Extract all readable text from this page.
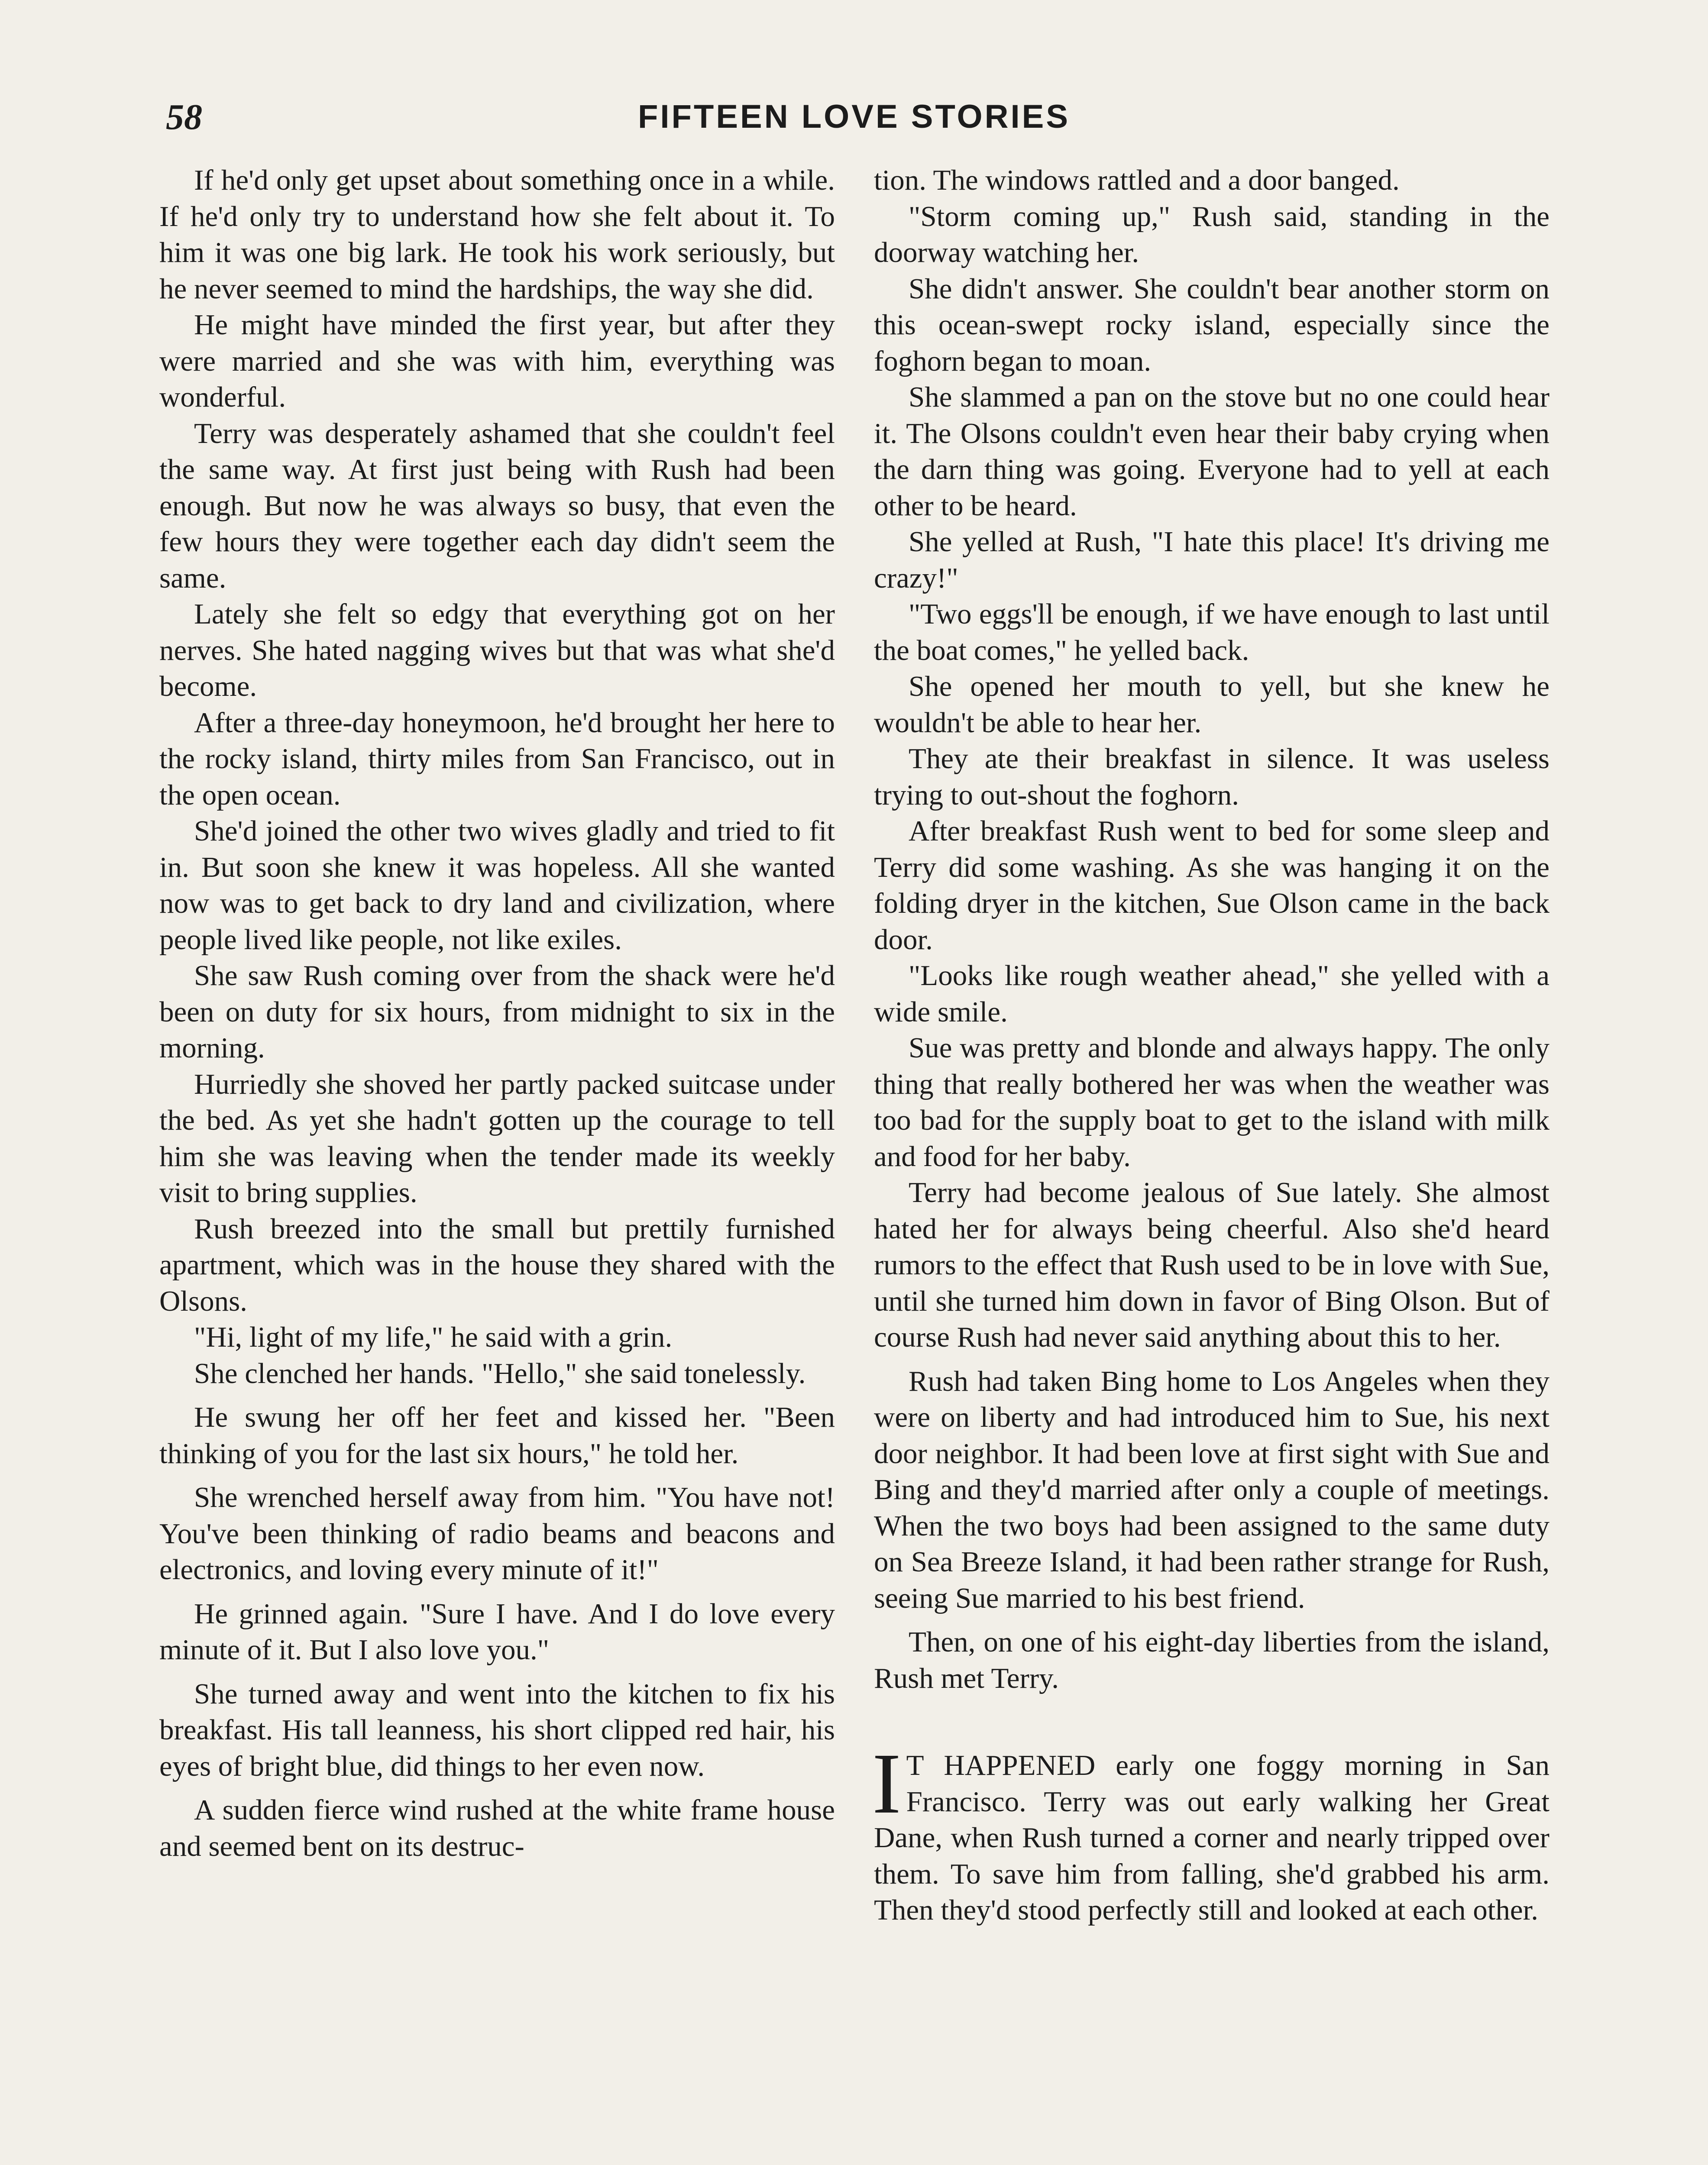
58	FIFTEEN LOVE STORIES

If he'd only get upset about something once in a while. If he'd only try to understand how she felt about it. To him it was one big lark. He took his work seriously, but he never seemed to mind the hardships, the way she did.

He might have minded the first year, but after they were married and she was with him, everything was wonderful.

Terry was desperately ashamed that she couldn't feel the same way. At first just being with Rush had been enough. But now he was always so busy, that even the few hours they were together each day didn't seem the same.

Lately she felt so edgy that everything got on her nerves. She hated nagging wives but that was what she'd become.

After a three-day honeymoon, he'd brought her here to the rocky island, thirty miles from San Francisco, out in the open ocean.

She'd joined the other two wives gladly and tried to fit in. But soon she knew it was hopeless. All she wanted now was to get back to dry land and civilization, where people lived like people, not like exiles.

She saw Rush coming over from the shack were he'd been on duty for six hours, from midnight to six in the morning.

Hurriedly she shoved her partly packed suitcase under the bed. As yet she hadn't gotten up the courage to tell him she was leaving when the tender made its weekly visit to bring supplies.

Rush breezed into the small but prettily furnished apartment, which was in the house they shared with the Olsons.

"Hi, light of my life," he said with a grin.

She clenched her hands. "Hello," she said tonelessly.

He swung her off her feet and kissed her. "Been thinking of you for the last six hours," he told her.

She wrenched herself away from him. "You have not! You've been thinking of radio beams and beacons and electronics, and loving every minute of it!"

He grinned again. "Sure I have. And I do love every minute of it. But I also love you."

She turned away and went into the kitchen to fix his breakfast. His tall leanness, his short clipped red hair, his eyes of bright blue, did things to her even now.

A sudden fierce wind rushed at the white frame house and seemed bent on its destruc-

tion. The windows rattled and a door banged.

"Storm coming up," Rush said, standing in the doorway watching her.

She didn't answer. She couldn't bear another storm on this ocean-swept rocky island, especially since the foghorn began to moan.

She slammed a pan on the stove but no one could hear it. The Olsons couldn't even hear their baby crying when the darn thing was going. Everyone had to yell at each other to be heard.

She yelled at Rush, "I hate this place! It's driving me crazy!"

"Two eggs'll be enough, if we have enough to last until the boat comes," he yelled back.

She opened her mouth to yell, but she knew he wouldn't be able to hear her.

They ate their breakfast in silence. It was useless trying to out-shout the foghorn.

After breakfast Rush went to bed for some sleep and Terry did some washing. As she was hanging it on the folding dryer in the kitchen, Sue Olson came in the back door.

"Looks like rough weather ahead," she yelled with a wide smile.

Sue was pretty and blonde and always happy. The only thing that really bothered her was when the weather was too bad for the supply boat to get to the island with milk and food for her baby.

Terry had become jealous of Sue lately. She almost hated her for always being cheerful. Also she'd heard rumors to the effect that Rush used to be in love with Sue, until she turned him down in favor of Bing Olson. But of course Rush had never said anything about this to her.

Rush had taken Bing home to Los Angeles when they were on liberty and had introduced him to Sue, his next door neighbor. It had been love at first sight with Sue and Bing and they'd married after only a couple of meetings. When the two boys had been assigned to the same duty on Sea Breeze Island, it had been rather strange for Rush, seeing Sue married to his best friend.

Then, on one of his eight-day liberties from the island, Rush met Terry.

I T HAPPENED early one foggy morning in San Francisco. Terry was out early walking her Great Dane, when Rush turned a corner and nearly tripped over them. To save him from falling, she'd grabbed his arm. Then they'd stood perfectly still and looked at each other.
